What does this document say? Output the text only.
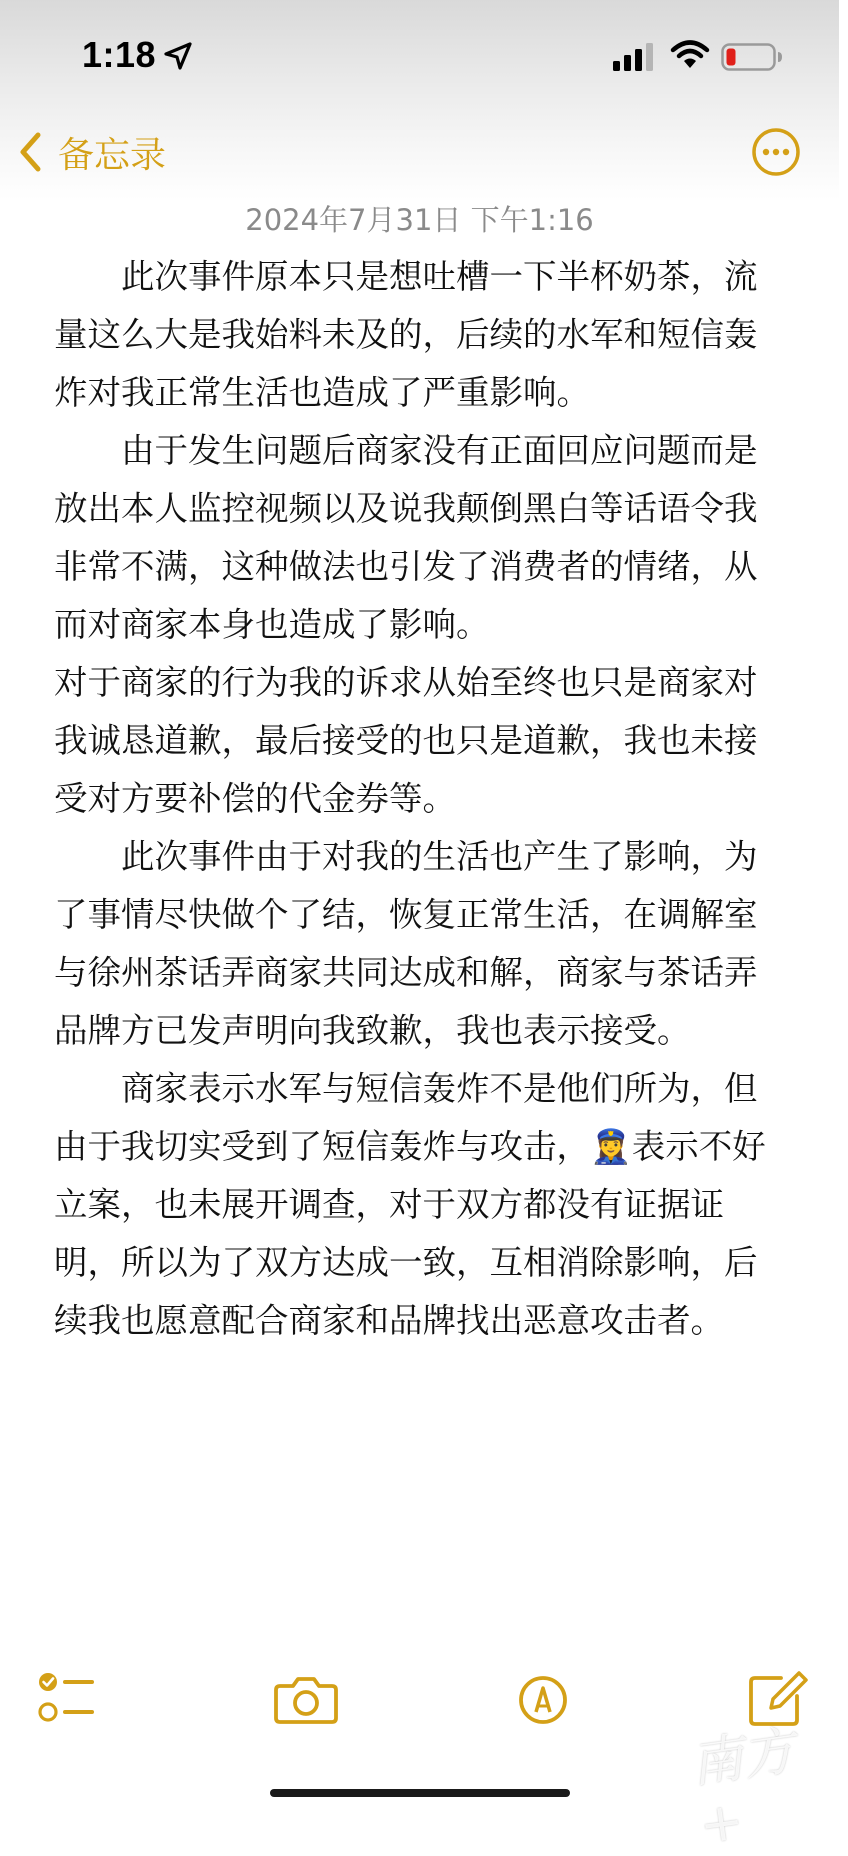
1:18
备忘录
2024年7月31日 下午1:16

此次事件原本只是想吐槽一下半杯奶茶，流量这么大是我始料未及的，后续的水军和短信轰炸对我正常生活也造成了严重影响。

由于发生问题后商家没有正面回应问题而是放出本人监控视频以及说我颠倒黑白等话语令我非常不满，这种做法也引发了消费者的情绪，从而对商家本身也造成了影响。

对于商家的行为我的诉求从始至终也只是商家对我诚恳道歉，最后接受的也只是道歉，我也未接受对方要补偿的代金券等。

此次事件由于对我的生活也产生了影响，为了事情尽快做个了结，恢复正常生活，在调解室与徐州茶话弄商家共同达成和解，商家与茶话弄品牌方已发声明向我致歉，我也表示接受。

商家表示水军与短信轰炸不是他们所为，但由于我切实受到了短信轰炸与攻击，👮‍♀️表示不好立案，也未展开调查，对于双方都没有证据证明，所以为了双方达成一致，互相消除影响，后续我也愿意配合商家和品牌找出恶意攻击者。

南方+
